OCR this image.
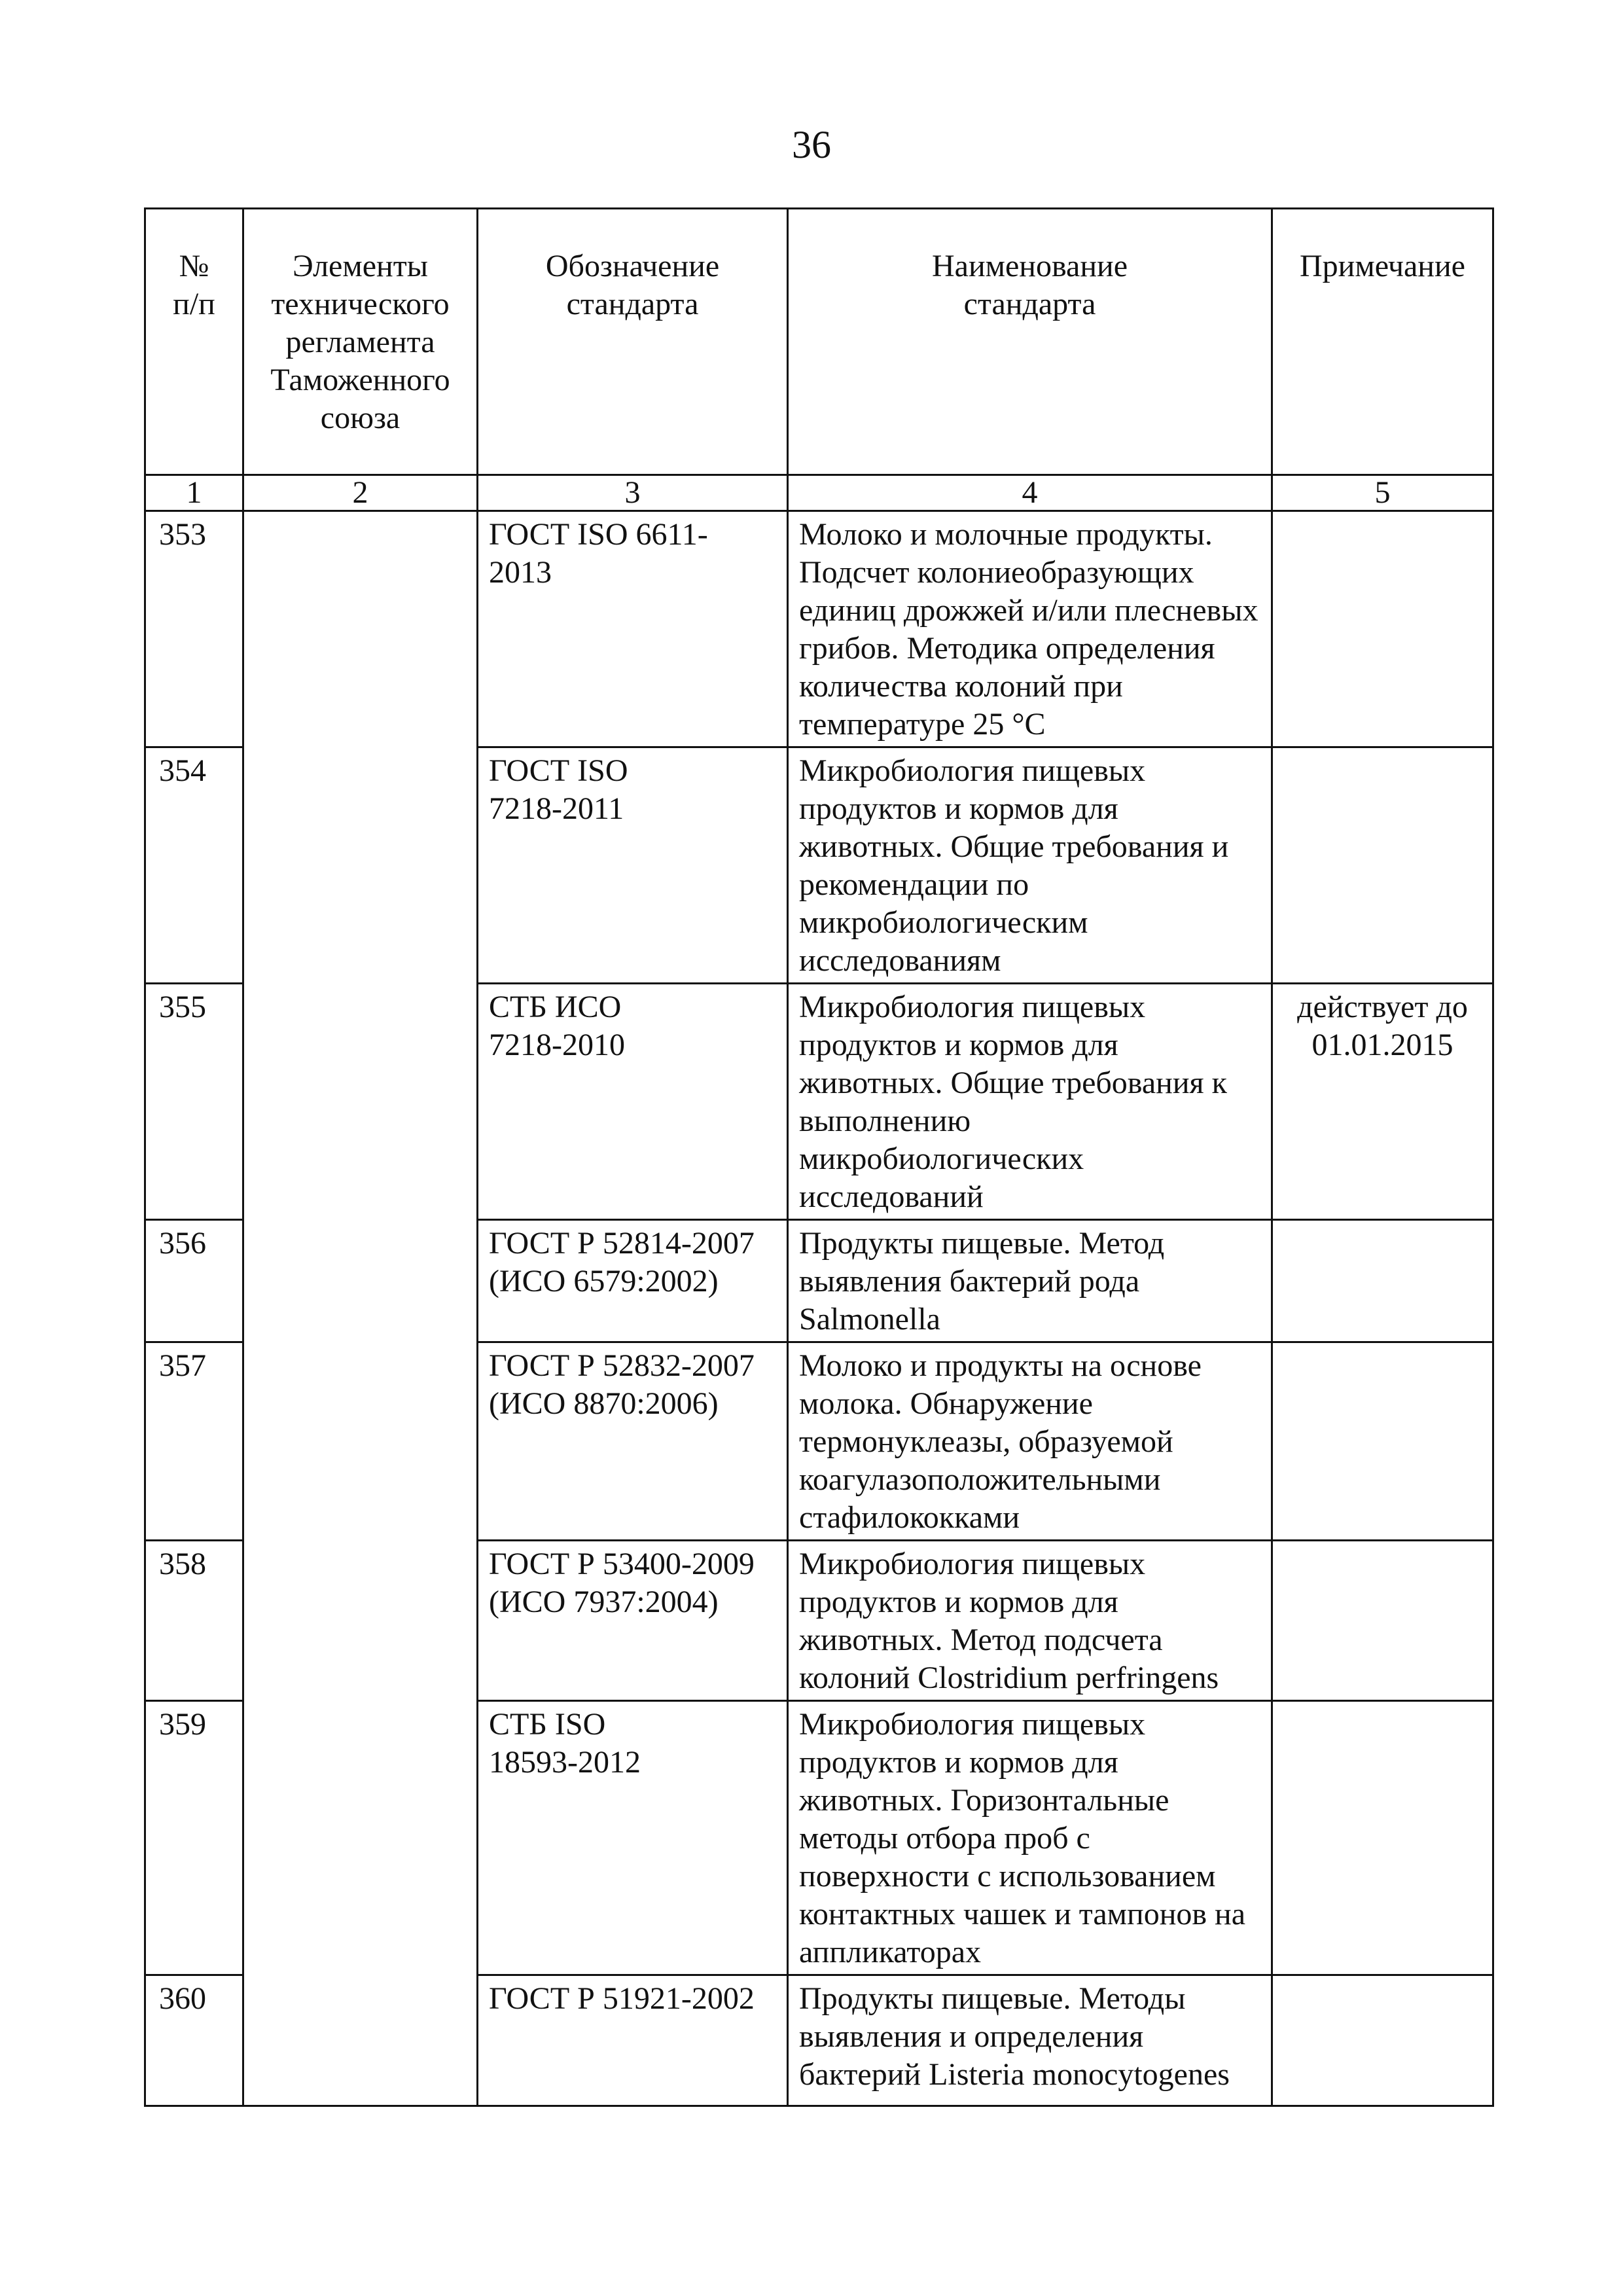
36
№ п/п	Элементы технического регламента Таможенного союза	Обозначение стандарта	Наименование стандарта	Примечание
1	2	3	4	5
353		ГОСТ ISO 6611-2013	Молоко и молочные продукты. Подсчет колониеобразующих единиц дрожжей и/или плесневых грибов. Методика определения количества колоний при температуре 25 °С	
354		ГОСТ ISO 7218-2011	Микробиология пищевых продуктов и кормов для животных. Общие требования и рекомендации по микробиологическим исследованиям	
355		СТБ ИСО 7218-2010	Микробиология пищевых продуктов и кормов для животных. Общие требования к выполнению микробиологических исследований	действует до 01.01.2015
356		ГОСТ Р 52814-2007 (ИСО 6579:2002)	Продукты пищевые. Метод выявления бактерий рода Salmonella	
357		ГОСТ Р 52832-2007 (ИСО 8870:2006)	Молоко и продукты на основе молока. Обнаружение термонуклеазы, образуемой коагулазоположительными стафилококками	
358		ГОСТ Р 53400-2009 (ИСО 7937:2004)	Микробиология пищевых продуктов и кормов для животных. Метод подсчета колоний Clostridium perfringens	
359		СТБ ISO 18593-2012	Микробиология пищевых продуктов и кормов для животных. Горизонтальные методы отбора проб с поверхности с использованием контактных чашек и тампонов на аппликаторах	
360		ГОСТ Р 51921-2002	Продукты пищевые. Методы выявления и определения бактерий Listeria monocytogenes	
